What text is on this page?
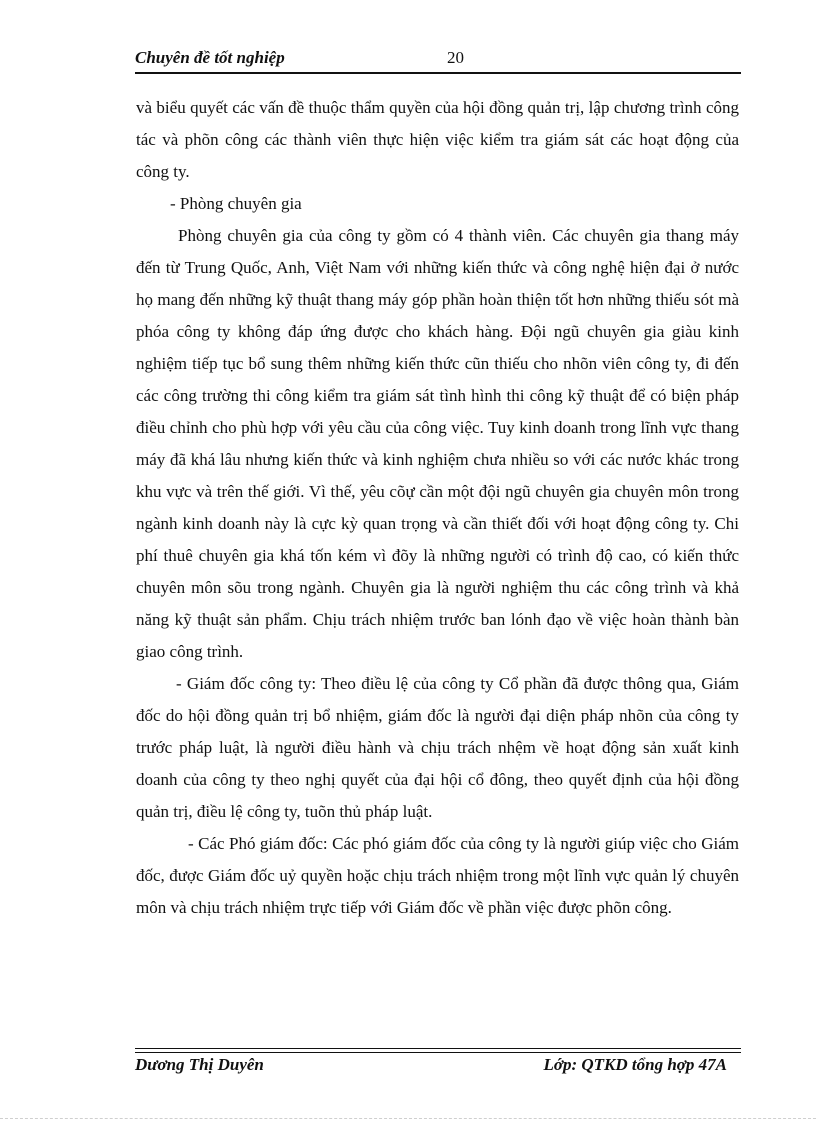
Chuyên đề tốt nghiệp	20

và biểu quyết các vấn đề thuộc thẩm quyền của hội đồng quản trị, lập chương trình công tác và phõn công các thành viên thực hiện việc kiểm tra giám sát các hoạt động của công ty.

- Phòng chuyên gia

Phòng chuyên gia của công ty gồm có 4 thành viên. Các chuyên gia thang máy đến từ Trung Quốc, Anh, Việt Nam với những kiến thức và công nghệ hiện đại ở nước họ mang đến những kỹ thuật thang máy góp phần hoàn thiện tốt hơn những thiếu sót mà phóa công ty không đáp ứng được cho khách hàng. Đội ngũ chuyên gia giàu kinh nghiệm tiếp tục bổ sung thêm những kiến thức cũn thiếu cho nhõn viên công ty, đi đến các công trường thi công kiểm tra giám sát tình hình thi công kỹ thuật để có biện pháp điều chỉnh cho phù hợp với yêu cầu của công việc. Tuy kinh doanh trong lĩnh vực thang máy đã khá lâu nhưng kiến thức và kinh nghiệm chưa nhiều so với các nước khác trong khu vực và trên thế giới. Vì thế, yêu cõự cần một đội ngũ chuyên gia chuyên môn trong ngành kinh doanh này là cực kỳ quan trọng và cần thiết đối với hoạt động công ty. Chi phí thuê chuyên gia khá tốn kém vì đõy là những người có trình độ cao, có kiến thức chuyên môn sõu trong ngành. Chuyên gia là người nghiệm thu các công trình và khả năng kỹ thuật sản phẩm. Chịu trách nhiệm trước ban lónh đạo về việc hoàn thành bàn giao công trình.

- Giám đốc công ty: Theo điều lệ của công ty Cổ phần đã được thông qua, Giám đốc do hội đồng quản trị bổ nhiệm, giám đốc là người đại diện pháp nhõn của công ty trước pháp luật, là người điều hành và chịu trách nhệm về hoạt động sản xuất kinh doanh của công ty theo nghị quyết của đại hội cổ đông, theo quyết định của hội đồng quản trị, điều lệ công ty, tuõn thủ pháp luật.

- Các Phó giám đốc: Các phó giám đốc của công ty là người giúp việc cho Giám đốc, được Giám đốc uỷ quyền hoặc chịu trách nhiệm trong một lĩnh vực quản lý chuyên môn và chịu trách nhiệm trực tiếp với Giám đốc về phần việc được phõn công.

Dương Thị Duyên	Lớp: QTKD tổng hợp 47A
